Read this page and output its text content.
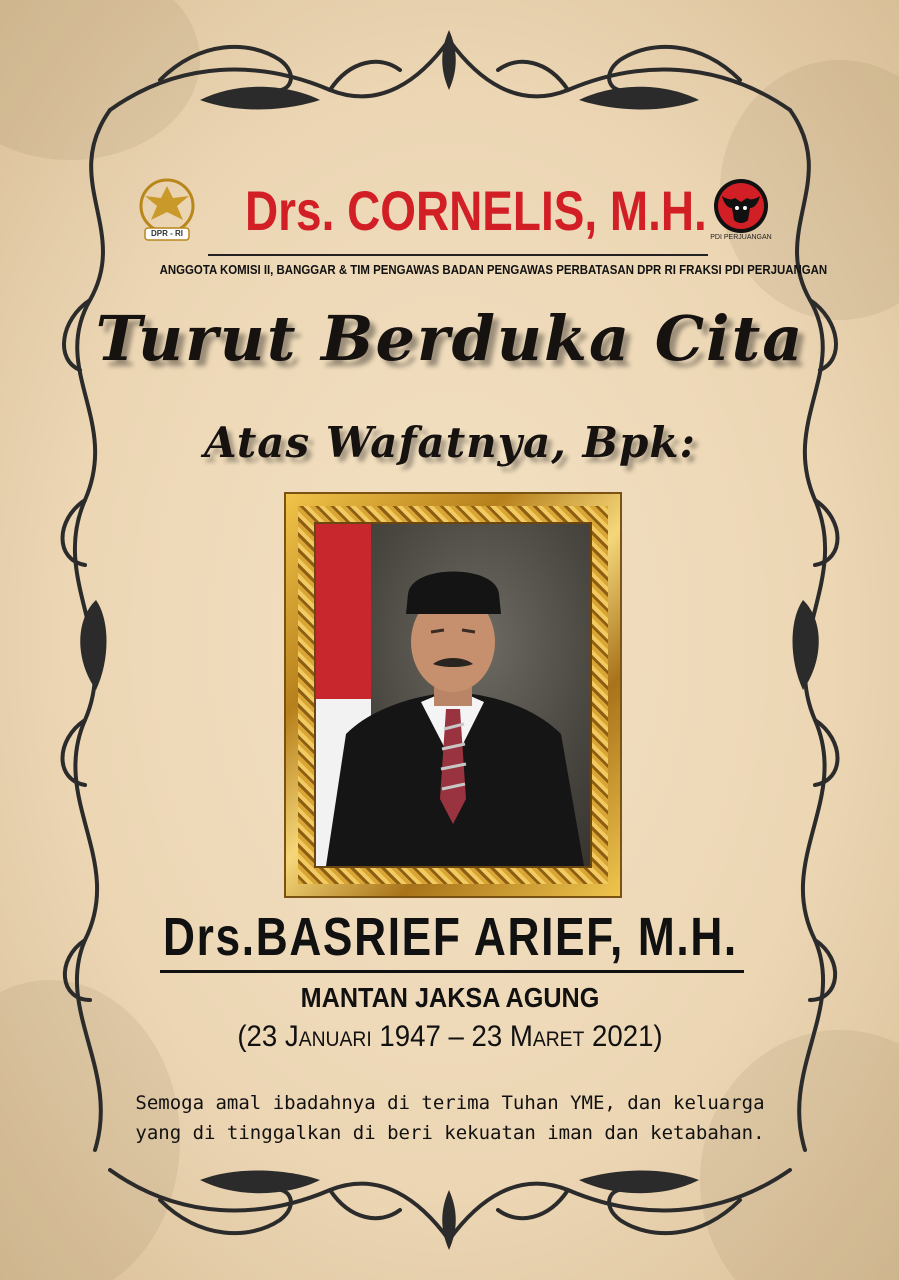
DPR - RI Drs. CORNELIS, M.H. PDI PERJUANGAN
ANGGOTA KOMISI II, BANGGAR & TIM PENGAWAS BADAN PENGAWAS PERBATASAN DPR RI FRAKSI PDI PERJUANGAN
Turut Berduka Cita
Atas Wafatnya, Bpk:
Drs.BASRIEF ARIEF, M.H.
MANTAN JAKSA AGUNG
(23 Januari 1947 – 23 Maret 2021)
Semoga amal ibadahnya di terima Tuhan YME, dan keluarga
yang di tinggalkan di beri kekuatan iman dan ketabahan.
